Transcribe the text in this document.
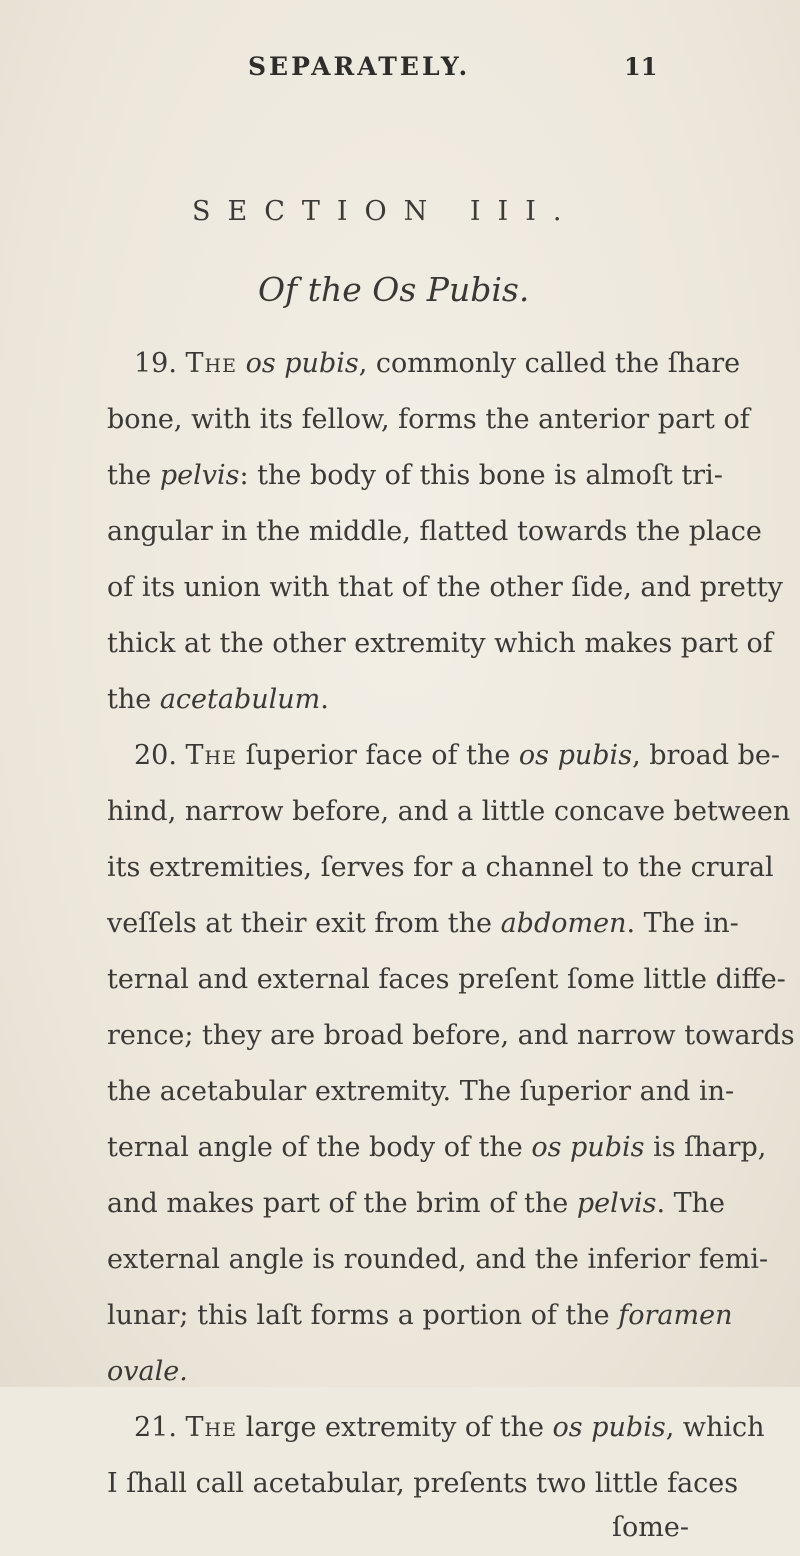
SEPARATELY.	11
SECTION III.
Of the Os Pubis.
19. The os pubis, commonly called the ſhare
bone, with its fellow, forms the anterior part of
the pelvis: the body of this bone is almoſt tri-
angular in the middle, flatted towards the place
of its union with that of the other ſide, and pretty
thick at the other extremity which makes part of
the acetabulum.
20. The ſuperior face of the os pubis, broad be-
hind, narrow before, and a little concave between
its extremities, ſerves for a channel to the crural
veſſels at their exit from the abdomen. The in-
ternal and external faces preſent ſome little diffe-
rence; they are broad before, and narrow towards
the acetabular extremity. The ſuperior and in-
ternal angle of the body of the os pubis is ſharp,
and makes part of the brim of the pelvis. The
external angle is rounded, and the inferior femi-
lunar; this laſt forms a portion of the foramen
ovale.
21. The large extremity of the os pubis, which
I ſhall call acetabular, preſents two little faces
ſome-
